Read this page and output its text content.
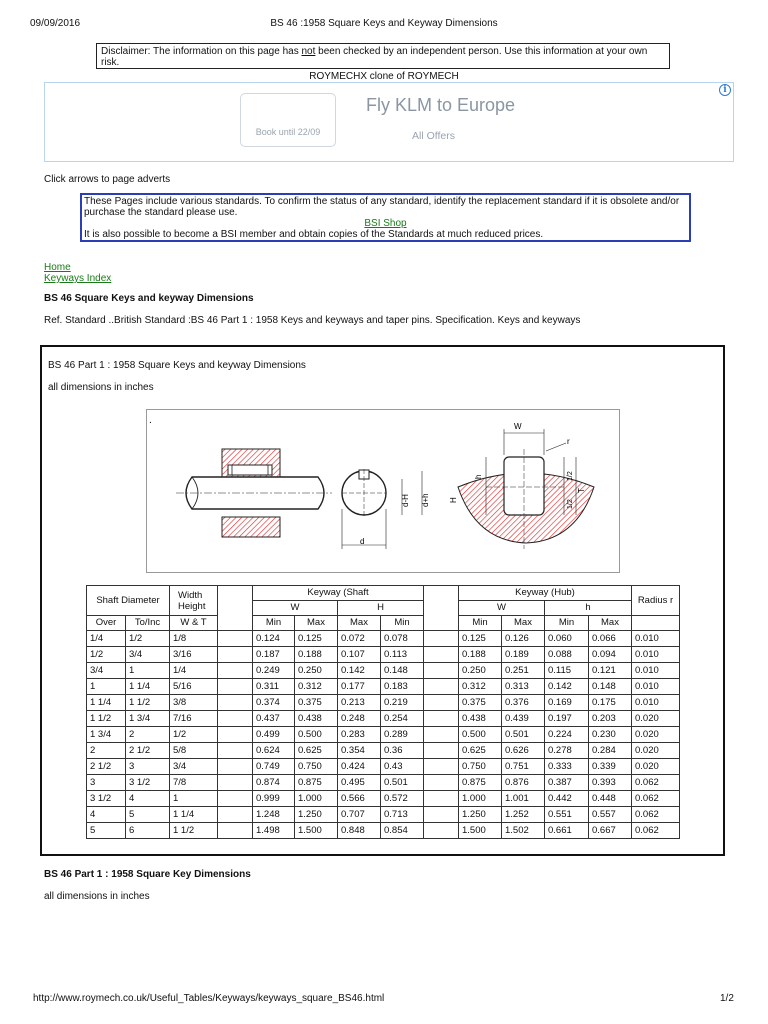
09/09/2016	BS 46 :1958 Square Keys and Keyway Dimensions
Disclaimer: The information on this page has not been checked by an independent person. Use this information at your own risk.
ROYMECHX clone of ROYMECH
Book until 22/09
Fly KLM to Europe
All Offers
i
Click arrows to page adverts
These Pages include various standards. To confirm the status of any standard, identify the replacement standard if it is obsolete and/or purchase the standard please use.
BSI Shop
It is also possible to become a BSI member and obtain copies of the Standards at much reduced prices.
Home
Keyways Index
BS 46 Square Keys and keyway Dimensions
Ref. Standard ..British Standard :BS 46 Part 1 : 1958 Keys and keyways and taper pins. Specification. Keys and keyways
BS 46 Part 1 : 1958 Square Keys and keyway Dimensions
all dimensions in inches
.
d
d-H d+h
W
r
h
H
1/2
1/2
T
Shaft Diameter		Width
Height		Keyway (Shaft					Keyway (Hub)				Radius r
				W		H			W		h		
Over	To/Inc	W & T		Min	Max	Max	Min		Min	Max	Min	Max	
1/4	1/2	1/8		0.124	0.125	0.072	0.078		0.125	0.126	0.060	0.066	0.010
1/2	3/4	3/16		0.187	0.188	0.107	0.113		0.188	0.189	0.088	0.094	0.010
3/4	1	1/4		0.249	0.250	0.142	0.148		0.250	0.251	0.115	0.121	0.010
1	1 1/4	5/16		0.311	0.312	0.177	0.183		0.312	0.313	0.142	0.148	0.010
1 1/4	1 1/2	3/8		0.374	0.375	0.213	0.219		0.375	0.376	0.169	0.175	0.010
1 1/2	1 3/4	7/16		0.437	0.438	0.248	0.254		0.438	0.439	0.197	0.203	0.020
1 3/4	2	1/2		0.499	0.500	0.283	0.289		0.500	0.501	0.224	0.230	0.020
2	2 1/2	5/8		0.624	0.625	0.354	0.36		0.625	0.626	0.278	0.284	0.020
2 1/2	3	3/4		0.749	0.750	0.424	0.43		0.750	0.751	0.333	0.339	0.020
3	3 1/2	7/8		0.874	0.875	0.495	0.501		0.875	0.876	0.387	0.393	0.062
3 1/2	4	1		0.999	1.000	0.566	0.572		1.000	1.001	0.442	0.448	0.062
4	5	1 1/4		1.248	1.250	0.707	0.713		1.250	1.252	0.551	0.557	0.062
5	6	1 1/2		1.498	1.500	0.848	0.854		1.500	1.502	0.661	0.667	0.062
BS 46 Part 1 : 1958 Square Key Dimensions
all dimensions in inches
http://www.roymech.co.uk/Useful_Tables/Keyways/keyways_square_BS46.html	1/2
